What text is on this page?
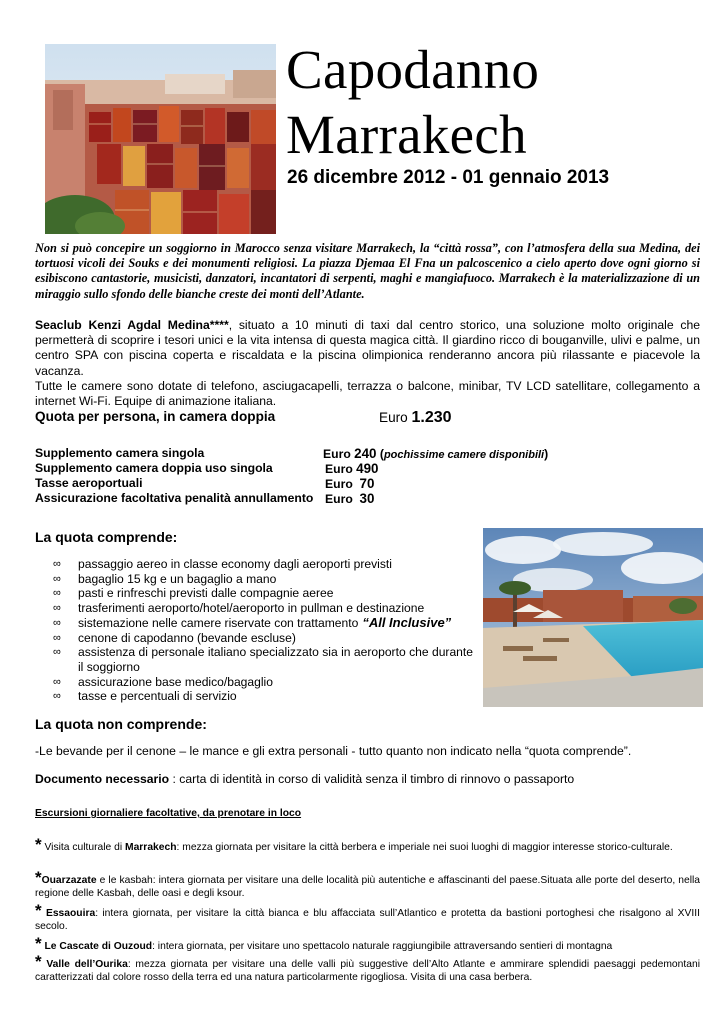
Capodanno
Marrakech
26 dicembre 2012 - 01 gennaio 2013
Non si può concepire un soggiorno in Marocco senza visitare Marrakech, la “città rossa”, con l’atmosfera della sua Medina, dei tortuosi vicoli dei Souks e dei monumenti religiosi. La piazza Djemaa El Fna un palcoscenico a cielo aperto dove ogni giorno si esibiscono cantastorie, musicisti, danzatori, incantatori di serpenti, maghi e mangiafuoco. Marrakech è la materializzazione di un miraggio sullo sfondo delle bianche creste dei monti dell’Atlante.
Seaclub Kenzi Agdal Medina****, situato a 10 minuti di taxi dal centro storico, una soluzione molto originale che permetterà di scoprire i tesori unici e la vita intensa di questa magica città. Il giardino ricco di bouganville, ulivi e palme, un centro SPA con piscina coperta e riscaldata e la piscina olimpionica renderanno ancora più rilassante e piacevole la vacanza.
Tutte le camere sono dotate di telefono, asciugacapelli, terrazza o balcone, minibar, TV LCD satellitare, collegamento a internet Wi-Fi. Equipe di animazione italiana.
Quota per persona, in camera doppia	Euro 1.230
Supplemento camera singola	Euro 240 (pochissime camere disponibili)
Supplemento camera doppia uso singola	Euro 490
Tasse aeroportuali	Euro 70
Assicurazione facoltativa penalità annullamento Euro 30
La quota comprende:
∞ passaggio aereo in classe economy dagli aeroporti previsti
∞ bagaglio 15 kg e un bagaglio a mano
∞ pasti e rinfreschi previsti dalle compagnie aeree
∞ trasferimenti aeroporto/hotel/aeroporto in pullman e destinazione
∞ sistemazione nelle camere riservate con trattamento “All Inclusive”
∞ cenone di capodanno (bevande escluse)
∞ assistenza di personale italiano specializzato sia in aeroporto che durante il soggiorno
∞ assicurazione base medico/bagaglio
∞ tasse e percentuali di servizio
La quota non comprende:
-Le bevande per il cenone – le mance e gli extra personali - tutto quanto non indicato nella “quota comprende”.
Documento necessario : carta di identità in corso di validità senza il timbro di rinnovo o passaporto
Escursioni giornaliere facoltative, da prenotare in loco
* Visita culturale di Marrakech: mezza giornata per visitare la città berbera e imperiale nei suoi luoghi di maggior interesse storico-culturale.
*Ouarzazate e le kasbah: intera giornata per visitare una delle località più autentiche e affascinanti del paese.Situata alle porte del deserto, nella regione delle Kasbah, delle oasi e degli ksour.
* Essaouira: intera giornata, per visitare la città bianca e blu affacciata sull’Atlantico e protetta da bastioni portoghesi che risalgono al XVIII secolo.
* Le Cascate di Ouzoud: intera giornata, per visitare uno spettacolo naturale raggiungibile attraversando sentieri di montagna
* Valle dell’Ourika: mezza giornata per visitare una delle valli più suggestive dell’Alto Atlante e ammirare splendidi paesaggi pedemontani caratterizzati dal colore rosso della terra ed una natura particolarmente rigogliosa. Visita di una casa berbera.
